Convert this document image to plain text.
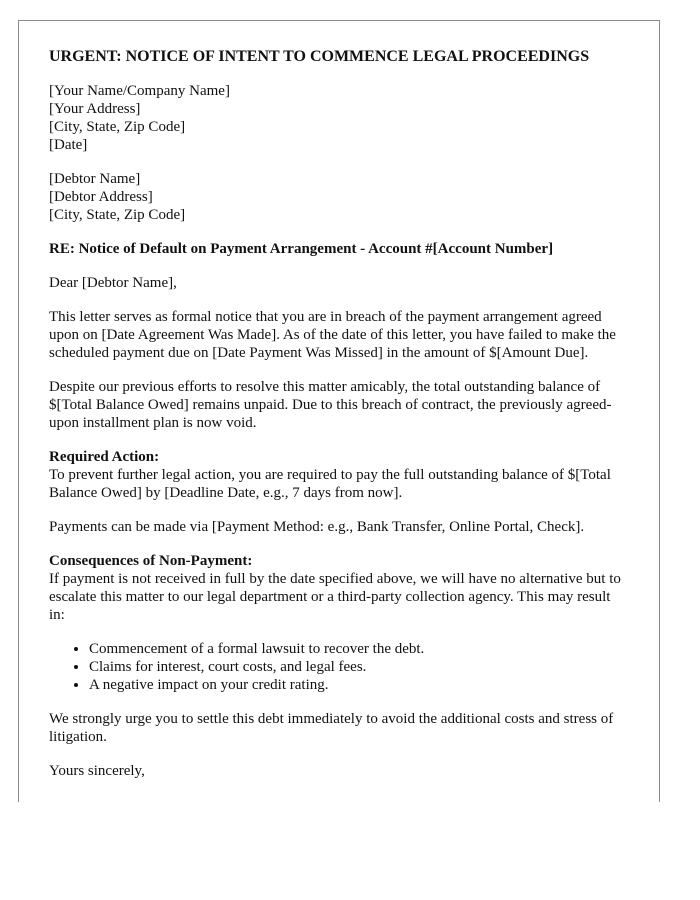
URGENT: NOTICE OF INTENT TO COMMENCE LEGAL PROCEEDINGS
[Your Name/Company Name]
[Your Address]
[City, State, Zip Code]
[Date]
[Debtor Name]
[Debtor Address]
[City, State, Zip Code]
RE: Notice of Default on Payment Arrangement - Account #[Account Number]
Dear [Debtor Name],
This letter serves as formal notice that you are in breach of the payment arrangement agreed upon on [Date Agreement Was Made]. As of the date of this letter, you have failed to make the scheduled payment due on [Date Payment Was Missed] in the amount of $[Amount Due].
Despite our previous efforts to resolve this matter amicably, the total outstanding balance of $[Total Balance Owed] remains unpaid. Due to this breach of contract, the previously agreed-upon installment plan is now void.
Required Action:
To prevent further legal action, you are required to pay the full outstanding balance of $[Total Balance Owed] by [Deadline Date, e.g., 7 days from now].
Payments can be made via [Payment Method: e.g., Bank Transfer, Online Portal, Check].
Consequences of Non-Payment:
If payment is not received in full by the date specified above, we will have no alternative but to escalate this matter to our legal department or a third-party collection agency. This may result in:
• Commencement of a formal lawsuit to recover the debt.
• Claims for interest, court costs, and legal fees.
• A negative impact on your credit rating.
We strongly urge you to settle this debt immediately to avoid the additional costs and stress of litigation.
Yours sincerely,
